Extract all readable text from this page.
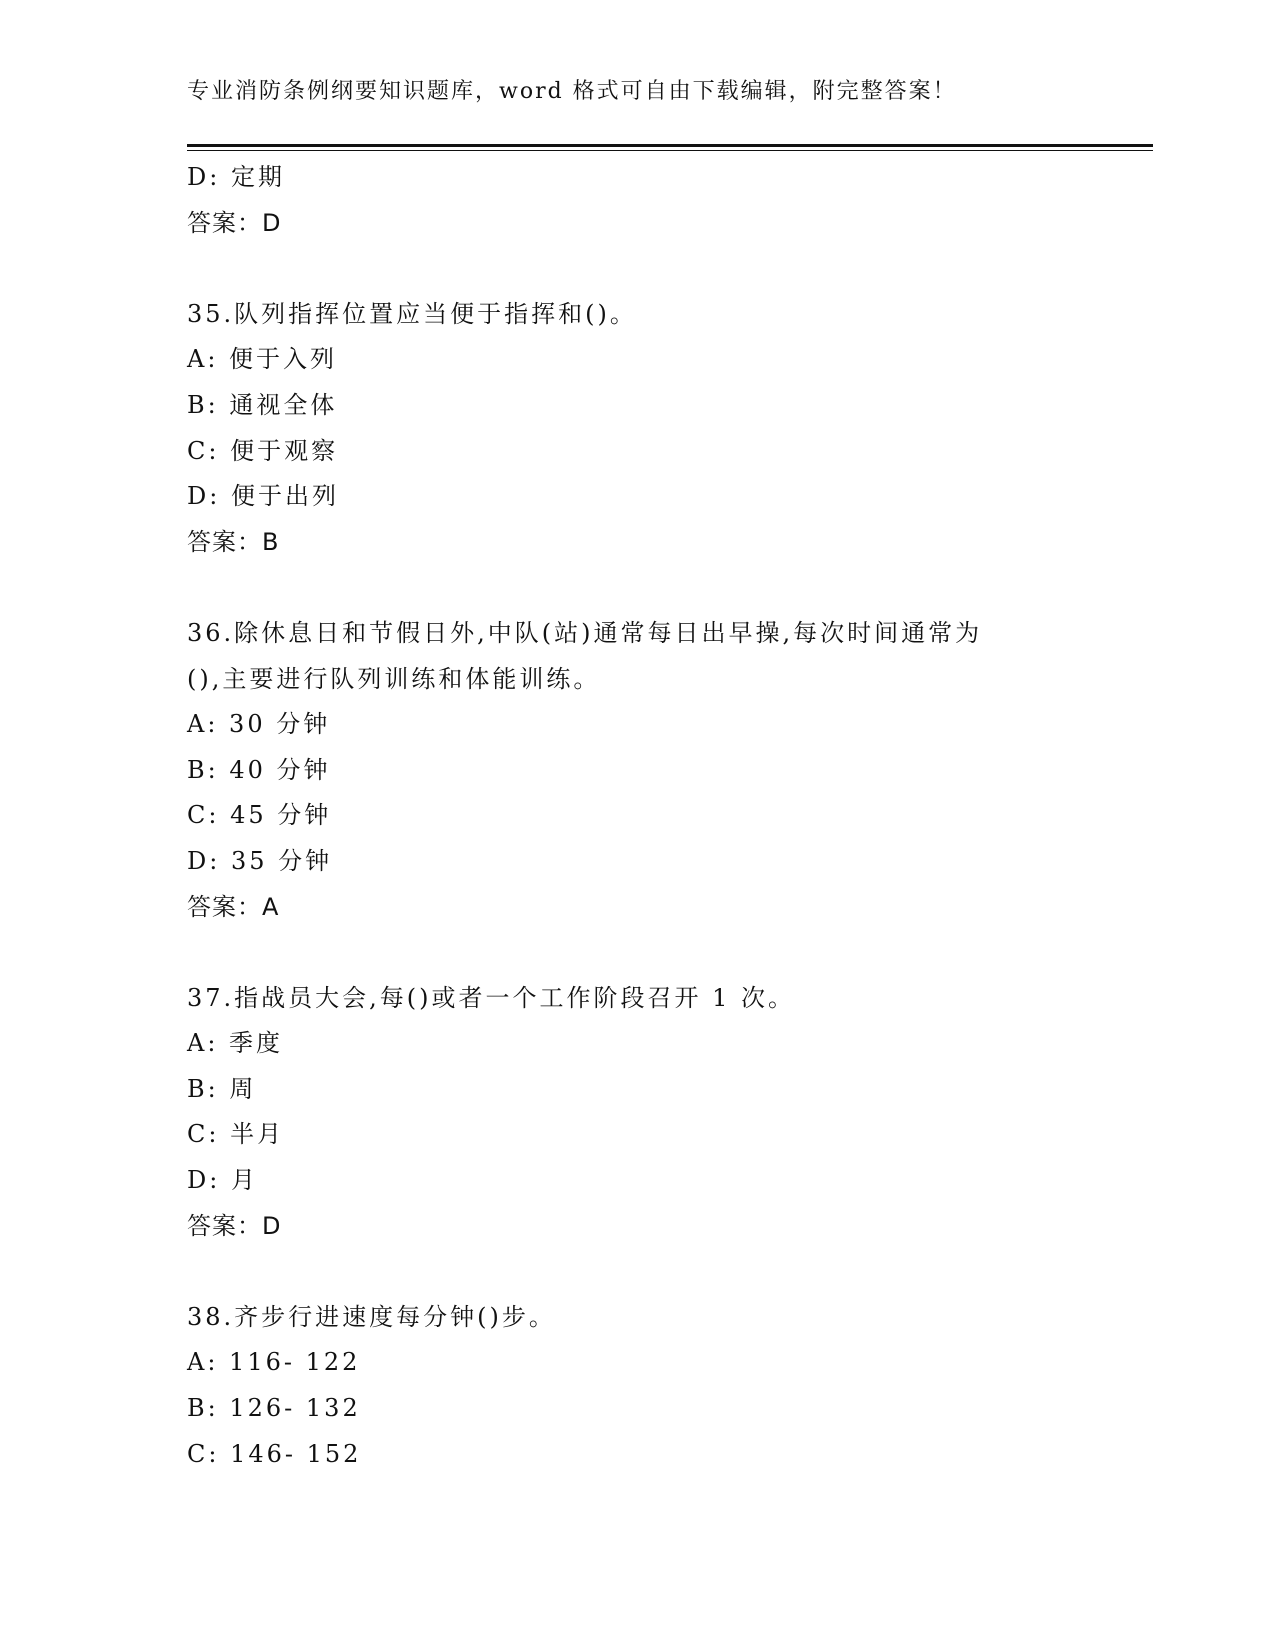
专业消防条例纲要知识题库，word 格式可自由下载编辑，附完整答案！
D: 定期
答案：D
35.队列指挥位置应当便于指挥和()。
A: 便于入列
B: 通视全体
C: 便于观察
D: 便于出列
答案：B
36.除休息日和节假日外,中队(站)通常每日出早操,每次时间通常为
(),主要进行队列训练和体能训练。
A: 30 分钟
B: 40 分钟
C: 45 分钟
D: 35 分钟
答案：A
37.指战员大会,每()或者一个工作阶段召开 1 次。
A: 季度
B: 周
C: 半月
D: 月
答案：D
38.齐步行进速度每分钟()步。
A: 116- 122
B: 126- 132
C: 146- 152
